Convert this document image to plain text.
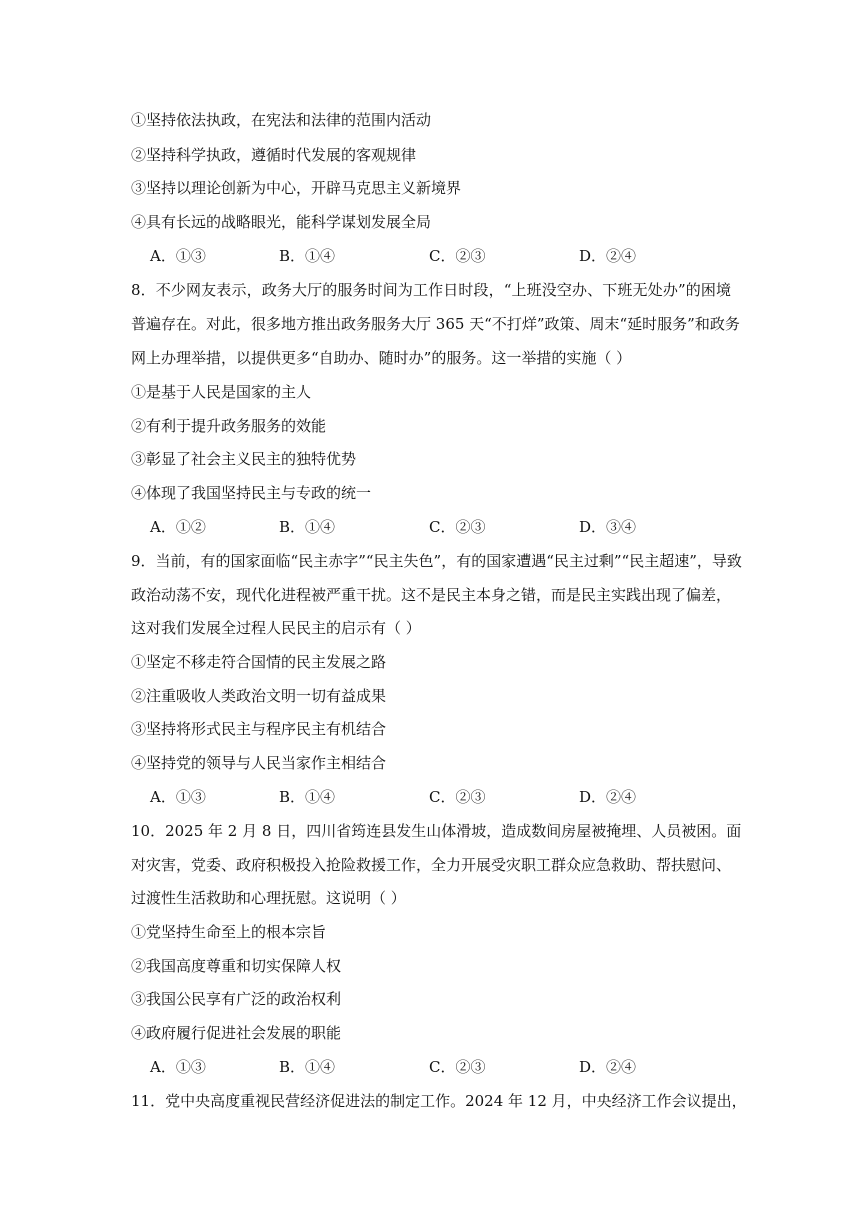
①坚持依法执政，在宪法和法律的范围内活动
②坚持科学执政，遵循时代发展的客观规律
③坚持以理论创新为中心，开辟马克思主义新境界
④具有长远的战略眼光，能科学谋划发展全局
A．①③	B．①④	C．②③	D．②④
8．不少网友表示，政务大厅的服务时间为工作日时段，“上班没空办、下班无处办”的困境
普遍存在。对此，很多地方推出政务服务大厅 365 天“不打烊”政策、周末“延时服务”和政务
网上办理举措，以提供更多“自助办、随时办”的服务。这一举措的实施（ ）
①是基于人民是国家的主人
②有利于提升政务服务的效能
③彰显了社会主义民主的独特优势
④体现了我国坚持民主与专政的统一
A．①②	B．①④	C．②③	D．③④
9．当前，有的国家面临“民主赤字”“民主失色”，有的国家遭遇“民主过剩”“民主超速”，导致
政治动荡不安，现代化进程被严重干扰。这不是民主本身之错，而是民主实践出现了偏差，
这对我们发展全过程人民民主的启示有（ ）
①坚定不移走符合国情的民主发展之路
②注重吸收人类政治文明一切有益成果
③坚持将形式民主与程序民主有机结合
④坚持党的领导与人民当家作主相结合
A．①③	B．①④	C．②③	D．②④
10．2025 年 2 月 8 日，四川省筠连县发生山体滑坡，造成数间房屋被掩埋、人员被困。面
对灾害，党委、政府积极投入抢险救援工作，全力开展受灾职工群众应急救助、帮扶慰问、
过渡性生活救助和心理抚慰。这说明（ ）
①党坚持生命至上的根本宗旨
②我国高度尊重和切实保障人权
③我国公民享有广泛的政治权利
④政府履行促进社会发展的职能
A．①③	B．①④	C．②③	D．②④
11．党中央高度重视民营经济促进法的制定工作。2024 年 12 月，中央经济工作会议提出，
